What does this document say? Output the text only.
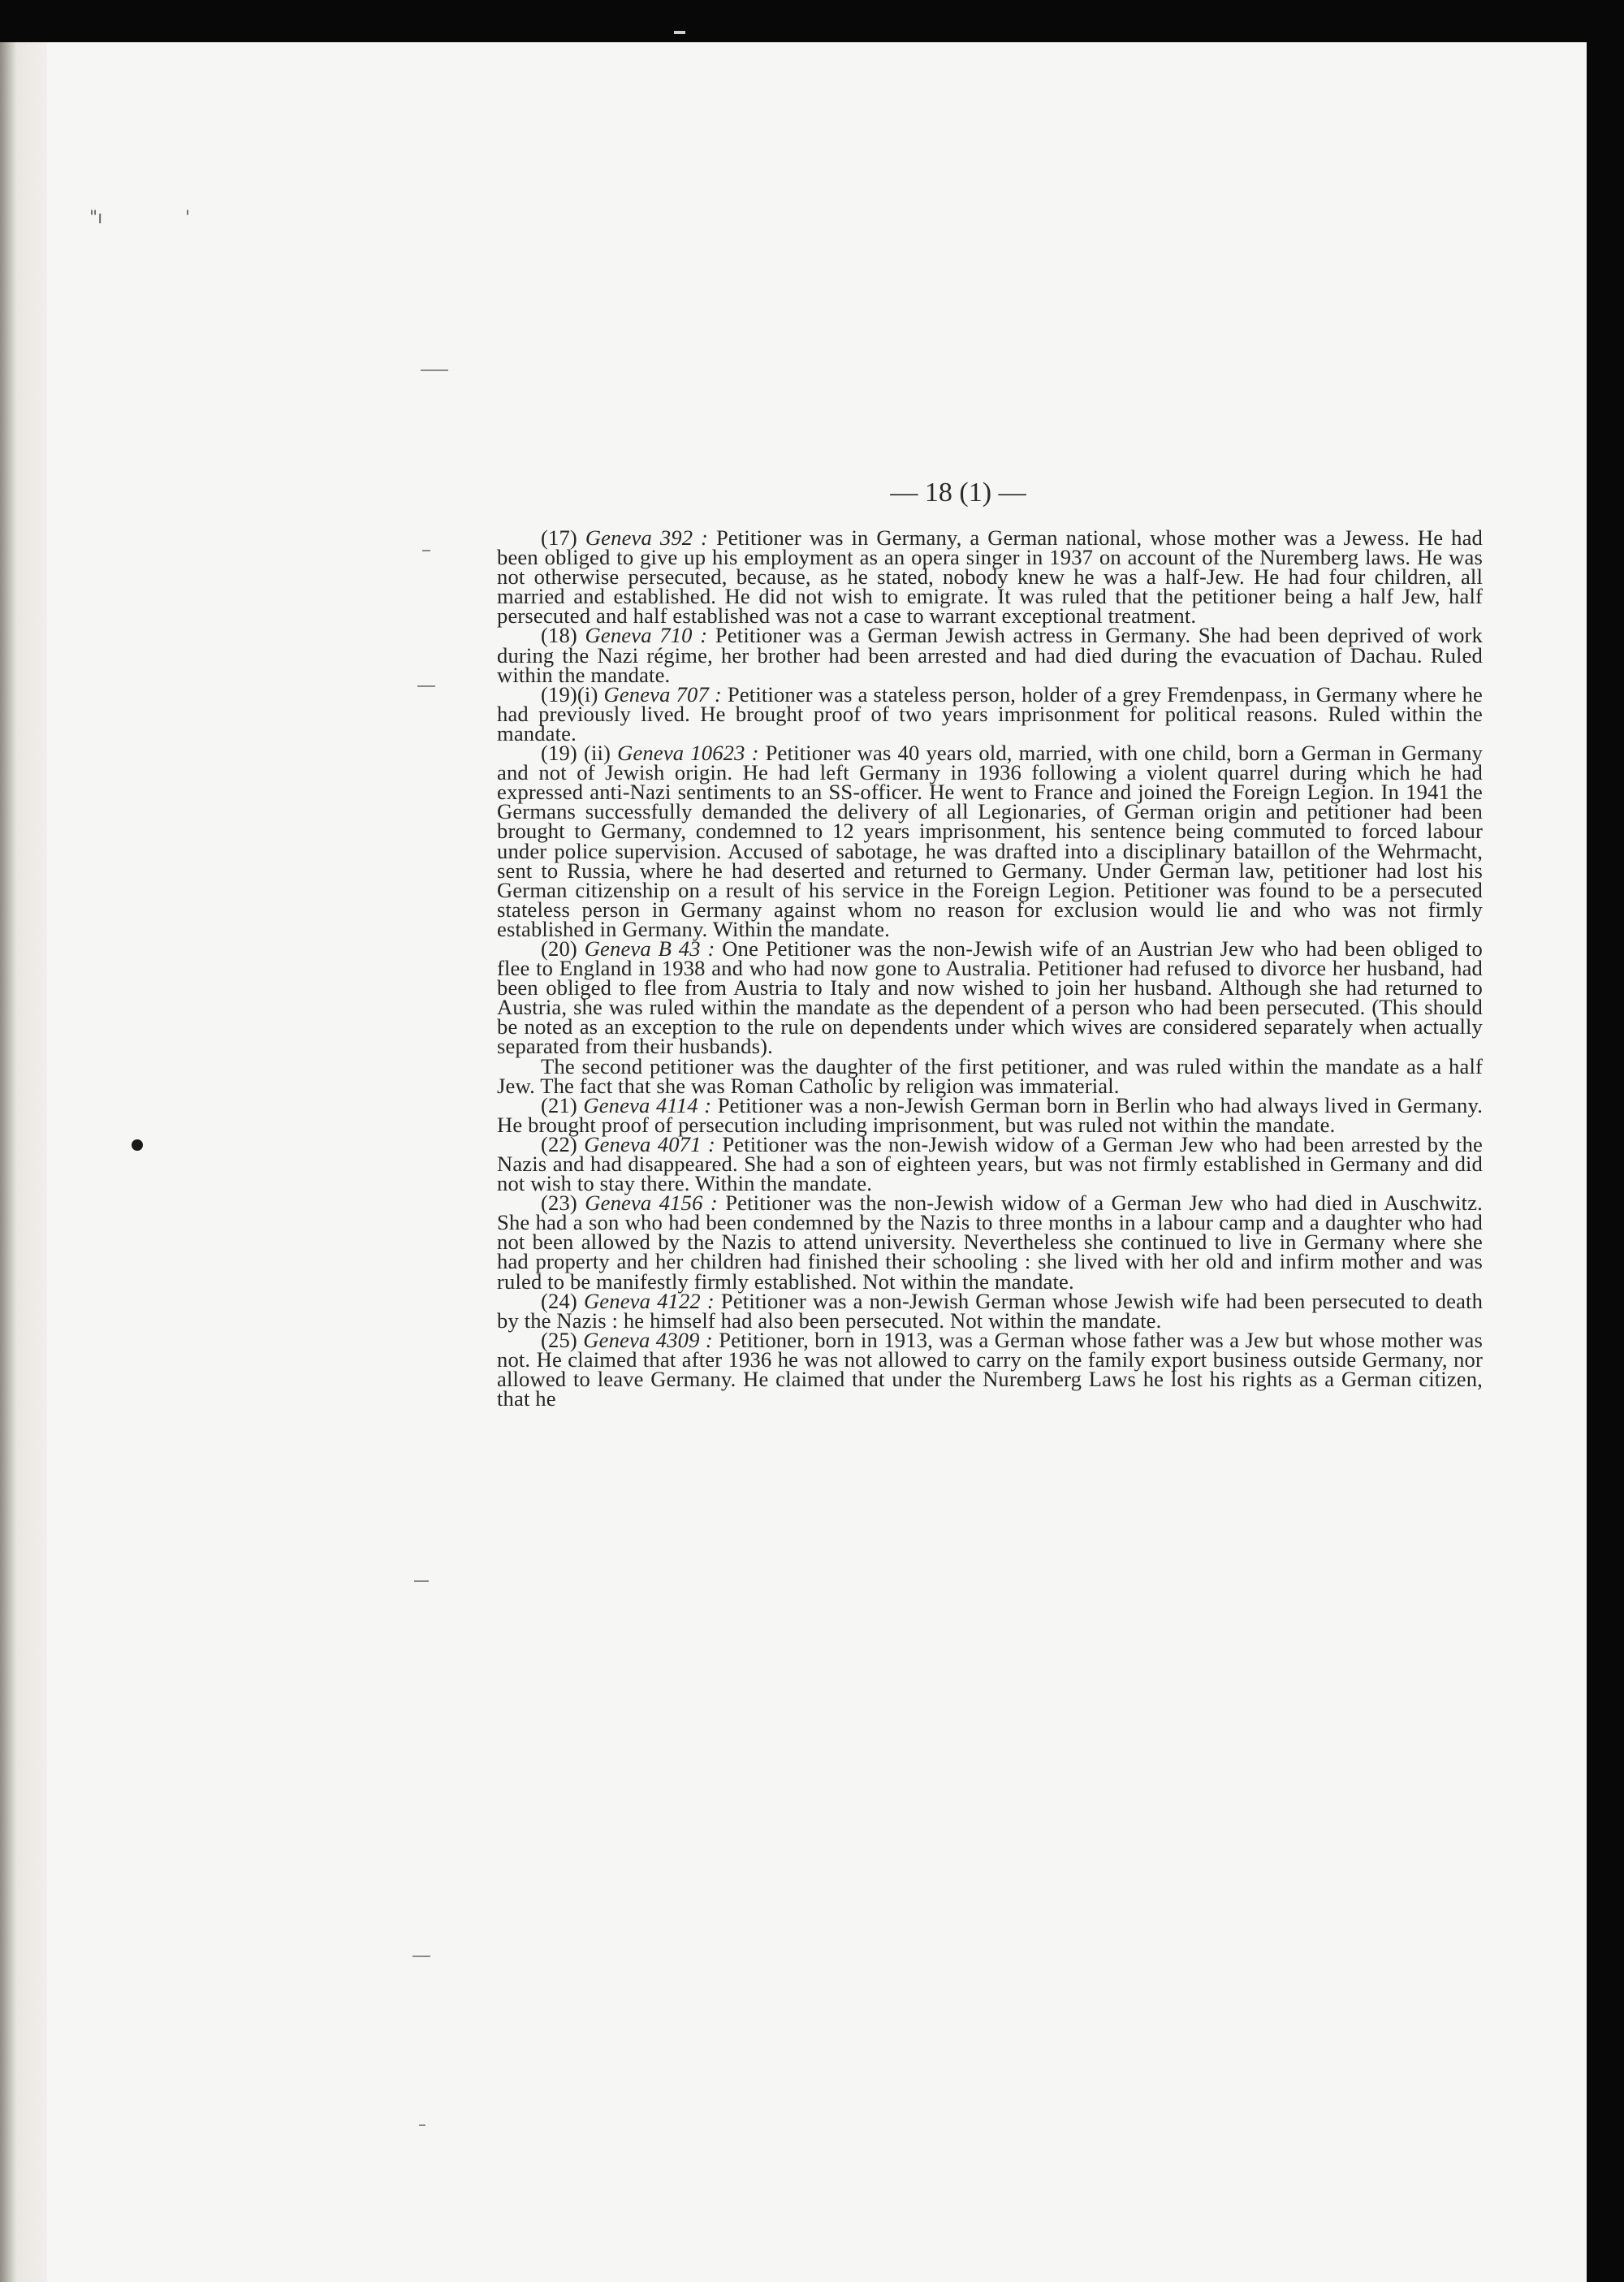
"ı	'
— 18 (1) —

(17) Geneva 392 : Petitioner was in Germany, a German national, whose mother was a Jewess. He had been obliged to give up his employment as an opera singer in 1937 on account of the Nuremberg laws. He was not otherwise persecuted, because, as he stated, nobody knew he was a half-Jew. He had four children, all married and established. He did not wish to emigrate. It was ruled that the petitioner being a half Jew, half persecuted and half established was not a case to warrant exceptional treatment.

(18) Geneva 710 : Petitioner was a German Jewish actress in Germany. She had been deprived of work during the Nazi régime, her brother had been arrested and had died during the evacuation of Dachau. Ruled within the mandate.

(19)(i) Geneva 707 : Petitioner was a stateless person, holder of a grey Fremdenpass, in Germany where he had previously lived. He brought proof of two years imprisonment for political reasons. Ruled within the mandate.

(19) (ii) Geneva 10623 : Petitioner was 40 years old, married, with one child, born a German in Germany and not of Jewish origin. He had left Germany in 1936 following a violent quarrel during which he had expressed anti-Nazi sentiments to an SS-officer. He went to France and joined the Foreign Legion. In 1941 the Germans successfully demanded the delivery of all Legionaries, of German origin and petitioner had been brought to Germany, condemned to 12 years imprisonment, his sentence being commuted to forced labour under police supervision. Accused of sabotage, he was drafted into a disciplinary bataillon of the Wehrmacht, sent to Russia, where he had deserted and returned to Germany. Under German law, petitioner had lost his German citizenship on a result of his service in the Foreign Legion. Petitioner was found to be a persecuted stateless person in Germany against whom no reason for exclusion would lie and who was not firmly established in Germany. Within the mandate.

(20) Geneva B 43 : One Petitioner was the non-Jewish wife of an Austrian Jew who had been obliged to flee to England in 1938 and who had now gone to Australia. Petitioner had refused to divorce her husband, had been obliged to flee from Austria to Italy and now wished to join her husband. Although she had returned to Austria, she was ruled within the mandate as the dependent of a person who had been persecuted. (This should be noted as an exception to the rule on dependents under which wives are considered separately when actually separated from their husbands).

The second petitioner was the daughter of the first petitioner, and was ruled within the mandate as a half Jew. The fact that she was Roman Catholic by religion was immaterial.

(21) Geneva 4114 : Petitioner was a non-Jewish German born in Berlin who had always lived in Germany. He brought proof of persecution including imprisonment, but was ruled not within the mandate.

(22) Geneva 4071 : Petitioner was the non-Jewish widow of a German Jew who had been arrested by the Nazis and had disappeared. She had a son of eighteen years, but was not firmly established in Germany and did not wish to stay there. Within the mandate.

(23) Geneva 4156 : Petitioner was the non-Jewish widow of a German Jew who had died in Auschwitz. She had a son who had been condemned by the Nazis to three months in a labour camp and a daughter who had not been allowed by the Nazis to attend university. Nevertheless she continued to live in Germany where she had property and her children had finished their schooling : she lived with her old and infirm mother and was ruled to be manifestly firmly established. Not within the mandate.

(24) Geneva 4122 : Petitioner was a non-Jewish German whose Jewish wife had been persecuted to death by the Nazis : he himself had also been persecuted. Not within the mandate.

(25) Geneva 4309 : Petitioner, born in 1913, was a German whose father was a Jew but whose mother was not. He claimed that after 1936 he was not allowed to carry on the family export business outside Germany, nor allowed to leave Germany. He claimed that under the Nuremberg Laws he lost his rights as a German citizen, that he
